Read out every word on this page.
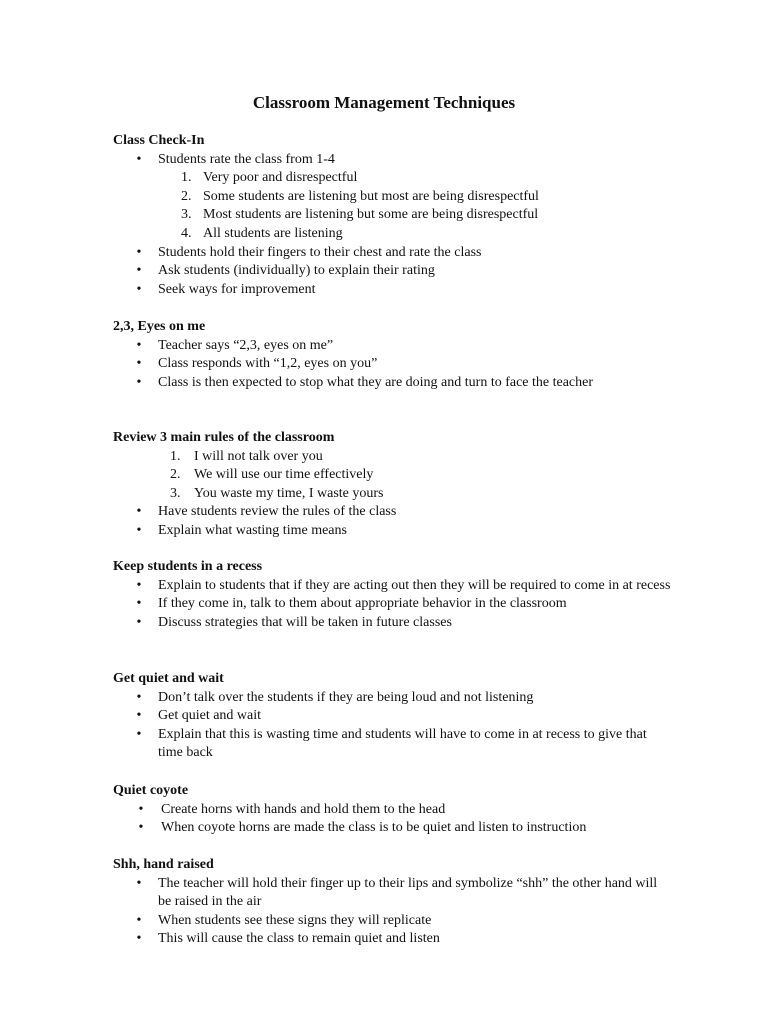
Classroom Management Techniques
Class Check-In
• Students rate the class from 1-4
1. Very poor and disrespectful
2. Some students are listening but most are being disrespectful
3. Most students are listening but some are being disrespectful
4. All students are listening
• Students hold their fingers to their chest and rate the class
• Ask students (individually) to explain their rating
• Seek ways for improvement
2,3, Eyes on me
• Teacher says “2,3, eyes on me”
• Class responds with “1,2, eyes on you”
• Class is then expected to stop what they are doing and turn to face the teacher
Review 3 main rules of the classroom
1. I will not talk over you
2. We will use our time effectively
3. You waste my time, I waste yours
• Have students review the rules of the class
• Explain what wasting time means
Keep students in a recess
• Explain to students that if they are acting out then they will be required to come in at recess
• If they come in, talk to them about appropriate behavior in the classroom
• Discuss strategies that will be taken in future classes
Get quiet and wait
• Don’t talk over the students if they are being loud and not listening
• Get quiet and wait
• Explain that this is wasting time and students will have to come in at recess to give that time back
Quiet coyote
• Create horns with hands and hold them to the head
• When coyote horns are made the class is to be quiet and listen to instruction
Shh, hand raised
• The teacher will hold their finger up to their lips and symbolize “shh” the other hand will be raised in the air
• When students see these signs they will replicate
• This will cause the class to remain quiet and listen
